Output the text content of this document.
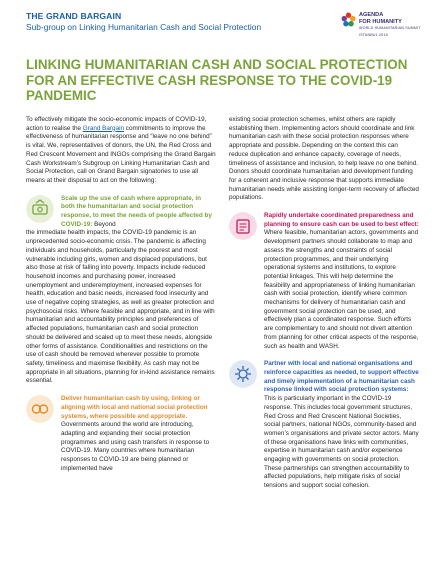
THE GRAND BARGAIN
Sub-group on Linking Humanitarian Cash and Social Protection
AGENDA
FOR HUMANITY
WORLD HUMANITARIAN SUMMIT
ISTANBUL 2016
LINKING HUMANITARIAN CASH AND SOCIAL PROTECTION FOR AN EFFECTIVE CASH RESPONSE TO THE COVID-19 PANDEMIC

To effectively mitigate the socio-economic impacts of COVID-19, action to realise the Grand Bargain commitments to improve the effectiveness of humanitarian response and “leave no one behind” is vital. We, representatives of donors, the UN, the Red Cross and Red Crescent Movement and INGOs comprising the Grand Bargain Cash Workstream’s Subgroup on Linking Humanitarian Cash and Social Protection, call on Grand Bargain signatories to use all means at their disposal to act on the following:

Scale up the use of cash where appropriate, in both the humanitarian and social protection response, to meet the needs of people affected by COVID-19: Beyond

the immediate health impacts, the COVID-19 pandemic is an unprecedented socio-economic crisis. The pandemic is affecting individuals and households, particularly the poorest and most vulnerable including girls, women and displaced populations, but also those at risk of falling into poverty. Impacts include reduced household incomes and purchasing power, increased unemployment and underemployment, increased expenses for health, education and basic needs, increased food insecurity and use of negative coping strategies, as well as greater protection and psychosocial risks. Where feasible and appropriate, and in line with humanitarian and accountability principles and preferences of affected populations, humanitarian cash and social protection should be delivered and scaled up to meet these needs, alongside other forms of assistance. Conditionalities and restrictions on the use of cash should be removed wherever possible to promote safety, timeliness and maximise flexibility. As cash may not be appropriate in all situations, planning for in-kind assistance remains essential.

Deliver humanitarian cash by using, linking or aligning with local and national social protection systems, where possible and appropriate. Governments around the world are introducing, adapting and expanding their social protection programmes and using cash transfers in response to COVID-19. Many countries where humanitarian responses to COVID-19 are being planned or implemented have

existing social protection schemes, whilst others are rapidly establishing them. Implementing actors should coordinate and link humanitarian cash with these social protection responses where appropriate and possible. Depending on the context this can reduce duplication and enhance capacity, coverage of needs, timeliness of assistance and inclusion, to help leave no one behind. Donors should coordinate humanitarian and development funding for a coherent and inclusive response that supports immediate humanitarian needs while assisting longer-term recovery of affected populations.

Rapidly undertake coordinated preparedness and planning to ensure cash can be used to best effect: Where feasible, humanitarian actors, governments and development partners should collaborate to map and assess the strengths and constraints of social protection programmes, and their underlying operational systems and institutions, to explore potential linkages. This will help determine the feasibility and appropriateness of linking humanitarian cash with social protection, identify where common mechanisms for delivery of humanitarian cash and government social protection can be used, and effectively plan a coordinated response. Such efforts are complementary to and should not divert attention from planning for other critical aspects of the response, such as health and WASH.

Partner with local and national organisations and reinforce capacities as needed, to support effective and timely implementation of a humanitarian cash response linked with social protection systems: This is particularly important in the COVID-19 response. This includes local government structures, Red Cross and Red Crescent National Societies, social partners, national NGOs, community-based and women’s organisations and private sector actors. Many of these organisations have links with communities, expertise in humanitarian cash and/or experience engaging with governments on social protection. These partnerships can strengthen accountability to affected populations, help mitigate risks of social tensions and support social cohesion.
